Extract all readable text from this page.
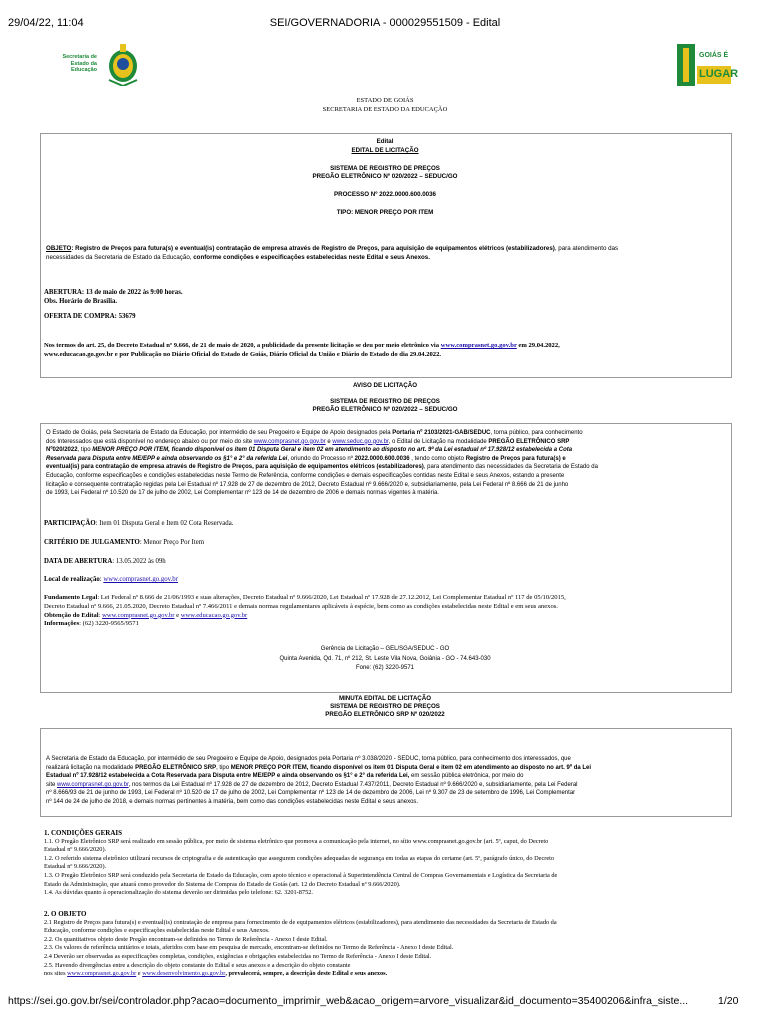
29/04/22, 11:04	SEI/GOVERNADORIA - 000029551509 - Edital
Secretaria de
Estado da
Educação
GOIÁS É
LUGAR
ESTADO DE GOIÁS
SECRETARIA DE ESTADO DA EDUCAÇÃO
Edital
EDITAL DE LICITAÇÃO
SISTEMA DE REGISTRO DE PREÇOS
PREGÃO ELETRÔNICO Nº 020/2022 – SEDUC/GO
PROCESSO Nº 2022.0000.600.0036
TIPO: MENOR PREÇO POR ITEM

OBJETO: Registro de Preços para futura(s) e eventual(is) contratação de empresa através de Registro de Preços, para aquisição de equipamentos elétricos (estabilizadores), para atendimento das

necessidades da Secretaria de Estado da Educação, conforme condições e especificações estabelecidas neste Edital e seus Anexos.

ABERTURA: 13 de maio de 2022 às 9:00 horas.
Obs. Horário de Brasília.
OFERTA DE COMPRA: 53679

Nos termos do art. 25, do Decreto Estadual nº 9.666, de 21 de maio de 2020, a publicidade da presente licitação se deu por meio eletrônico via www.comprasnet.go.gov.br em 29.04.2022,

www.educacao.go.gov.br e por Publicação no Diário Oficial do Estado de Goiás, Diário Oficial da União e Diário do Estado do dia 29.04.2022.

AVISO DE LICITAÇÃO
SISTEMA DE REGISTRO DE PREÇOS
PREGÃO ELETRÔNICO Nº 020/2022 – SEDUC/GO

O Estado de Goiás, pela Secretaria de Estado da Educação, por intermédio de seu Pregoeiro e Equipe de Apoio designados pela Portaria nº 2103/2021-GAB/SEDUC, torna público, para conhecimento

dos Interessados que está disponível no endereço abaixo ou por meio do site www.comprasnet.go.gov.br e www.seduc.go.gov.br, o Edital de Licitação na modalidade PREGÃO ELETRÔNICO SRP

Nº020/2022, tipo MENOR PREÇO POR ITEM, ficando disponível os item 01 Disputa Geral e item 02 em atendimento ao disposto no art. 9º da Lei estadual nº 17.928/12 estabelecida a Cota

Reservada para Disputa entre ME/EPP e ainda observando os §1° e 2° da referida Lei, oriundo do Processo nº 2022.0000.600.0036 , tendo como objeto Registro de Preços para futura(s) e

eventual(is) para contratação de empresa através de Registro de Preços, para aquisição de equipamentos elétricos (estabilizadores), para atendimento das necessidades da Secretaria de Estado da

Educação, conforme especificações e condições estabelecidas neste Termo de Referência, conforme condições e demais especificações contidas neste Edital e seus Anexos, estando a presente

licitação e consequente contratação regidas pela Lei Estadual nº 17.928 de 27 de dezembro de 2012, Decreto Estadual nº 9.666/2020 e, subsidiariamente, pela Lei Federal nº 8.666 de 21 de junho

de 1993, Lei Federal nº 10.520 de 17 de julho de 2002, Lei Complementar nº 123 de 14 de dezembro de 2006 e demais normas vigentes à matéria.

PARTICIPAÇÃO: Item 01 Disputa Geral e Item 02 Cota Reservada.
CRITÉRIO DE JULGAMENTO: Menor Preço Por Item
DATA DE ABERTURA: 13.05.2022 às 09h
Local de realização: www.comprasnet.go.gov.br

Fundamento Legal: Lei Federal nº 8.666 de 21/06/1993 e suas alterações, Decreto Estadual nº 9.666/2020, Lei Estadual nº 17.928 de 27.12.2012, Lei Complementar Estadual nº 117 de 05/10/2015,

Decreto Estadual nº 9.666, 21.05.2020, Decreto Estadual nº 7.466/2011 e demais normas regulamentares aplicáveis à espécie, bem como as condições estabelecidas neste Edital e em seus anexos.

Obtenção do Edital: www.comprasnet.go.gov.br e www.educacao.go.gov.br

Informações: (62) 3220-9565/9571

Gerência de Licitação – GEL/SGA/SEDUC - GO
Quinta Avenida, Qd. 71, nº 212, St. Leste Vila Nova, Goiânia - GO - 74.643-030
Fone: (62) 3220-9571
MINUTA EDITAL DE LICITAÇÃO
SISTEMA DE REGISTRO DE PREÇOS
PREGÃO ELETRÔNICO SRP Nº 020/2022

A Secretaria de Estado da Educação, por intermédio de seu Pregoeiro e Equipe de Apoio, designados pela Portaria nº 3.038/2020 - SEDUC, torna público, para conhecimento dos interessados, que

realizará licitação na modalidade PREGÃO ELETRÔNICO SRP, tipo MENOR PREÇO POR ITEM, ficando disponível os item 01 Disputa Geral e item 02 em atendimento ao disposto no art. 9º da Lei

Estadual nº 17.928/12 estabelecida a Cota Reservada para Disputa entre ME/EPP e ainda observando os §1° e 2° da referida Lei, em sessão pública eletrônica, por meio do

site www.comprasnet.go.gov.br, nos termos da Lei Estadual nº 17.928 de 27 de dezembro de 2012, Decreto Estadual 7.437/2011, Decreto Estadual nº 9.666/2020 e, subsidiariamente, pela Lei Federal

nº 8.666/93 de 21 de junho de 1993, Lei Federal nº 10.520 de 17 de julho de 2002, Lei Complementar nº 123 de 14 de dezembro de 2006, Lei nº 9.307 de 23 de setembro de 1996, Lei Complementar

nº 144 de 24 de julho de 2018, e demais normas pertinentes à matéria, bem como das condições estabelecidas neste Edital e seus anexos.

1. CONDIÇÕES GERAIS

1.1. O Pregão Eletrônico SRP será realizado em sessão pública, por meio de sistema eletrônico que promova a comunicação pela internet, no sítio www.comprasnet.go.gov.br (art. 5º, caput, do Decreto

Estadual nº 9.666/2020).

1.2. O referido sistema eletrônico utilizará recursos de criptografia e de autenticação que assegurem condições adequadas de segurança em todas as etapas do certame (art. 5º, parágrafo único, do Decreto

Estadual nº 9.666/2020).

1.3. O Pregão Eletrônico SRP será conduzido pela Secretaria de Estado da Educação, com apoio técnico e operacional à Superintendência Central de Compras Governamentais e Logística da Secretaria de

Estado da Administração, que atuará como provedor do Sistema de Compras do Estado de Goiás (art. 12 do Decreto Estadual nº 9.666/2020).

1.4. As dúvidas quanto à operacionalização do sistema deverão ser dirimidas pelo telefone: 62. 3201-8752.

2. O OBJETO

2.1 Registro de Preços para futura(s) e eventual(is) contratação de empresa para fornecimento de de equipamentos elétricos (estabilizadores), para atendimento das necessidades da Secretaria de Estado da

Educação, conforme condições e especificações estabelecidas neste Edital e seus Anexos.

2.2. Os quantitativos objeto deste Pregão encontram-se definidos no Termo de Referência - Anexo I deste Edital.

2.3. Os valores de referência unitários e totais, aferidos com base em pesquisa de mercado, encontram-se definidos no Termo de Referência - Anexo I deste Edital.

2.4 Deverão ser observadas as especificações completas, condições, exigências e obrigações estabelecidas no Termo de Referência - Anexo I deste Edital.

2.5. Havendo divergências entre a descrição do objeto constante do Edital e seus anexos e a descrição do objeto constante

nos sites www.comprasnet.go.gov.br e www.desenvolvimento.go.gov.br, prevalecerá, sempre, a descrição deste Edital e seus anexos.

https://sei.go.gov.br/sei/controlador.php?acao=documento_imprimir_web&acao_origem=arvore_visualizar&id_documento=35400206&infra_siste...	1/20
